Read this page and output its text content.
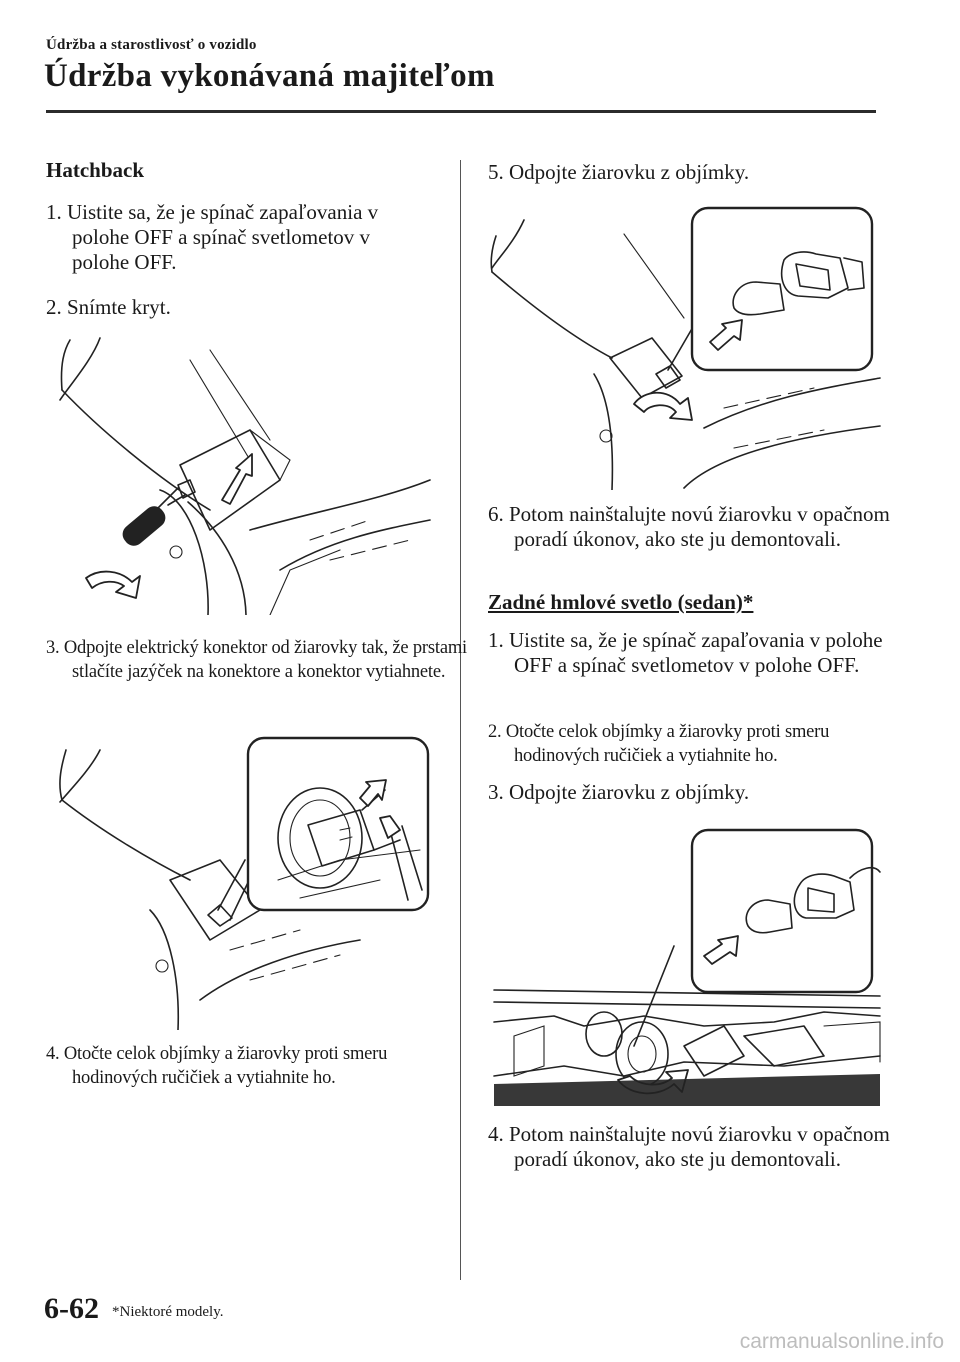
Údržba a starostlivosť o vozidlo
Údržba vykonávaná majiteľom
Hatchback
1. Uistite sa, že je spínač zapaľovania v polohe OFF a spínač svetlometov v polohe OFF.
2. Snímte kryt.
3. Odpojte elektrický konektor od žiarovky tak, že prstami stlačíte jazýček na konektore a konektor vytiahnete.
4. Otočte celok objímky a žiarovky proti smeru hodinových ručičiek a vytiahnite ho.
5. Odpojte žiarovku z objímky.
6. Potom nainštalujte novú žiarovku v opačnom poradí úkonov, ako ste ju demontovali.
Zadné hmlové svetlo (sedan)*
1. Uistite sa, že je spínač zapaľovania v polohe OFF a spínač svetlometov v polohe OFF.
2. Otočte celok objímky a žiarovky proti smeru hodinových ručičiek a vytiahnite ho.
3. Odpojte žiarovku z objímky.
4. Potom nainštalujte novú žiarovku v opačnom poradí úkonov, ako ste ju demontovali.
6-62 *Niektoré modely.
carmanualsonline.info
